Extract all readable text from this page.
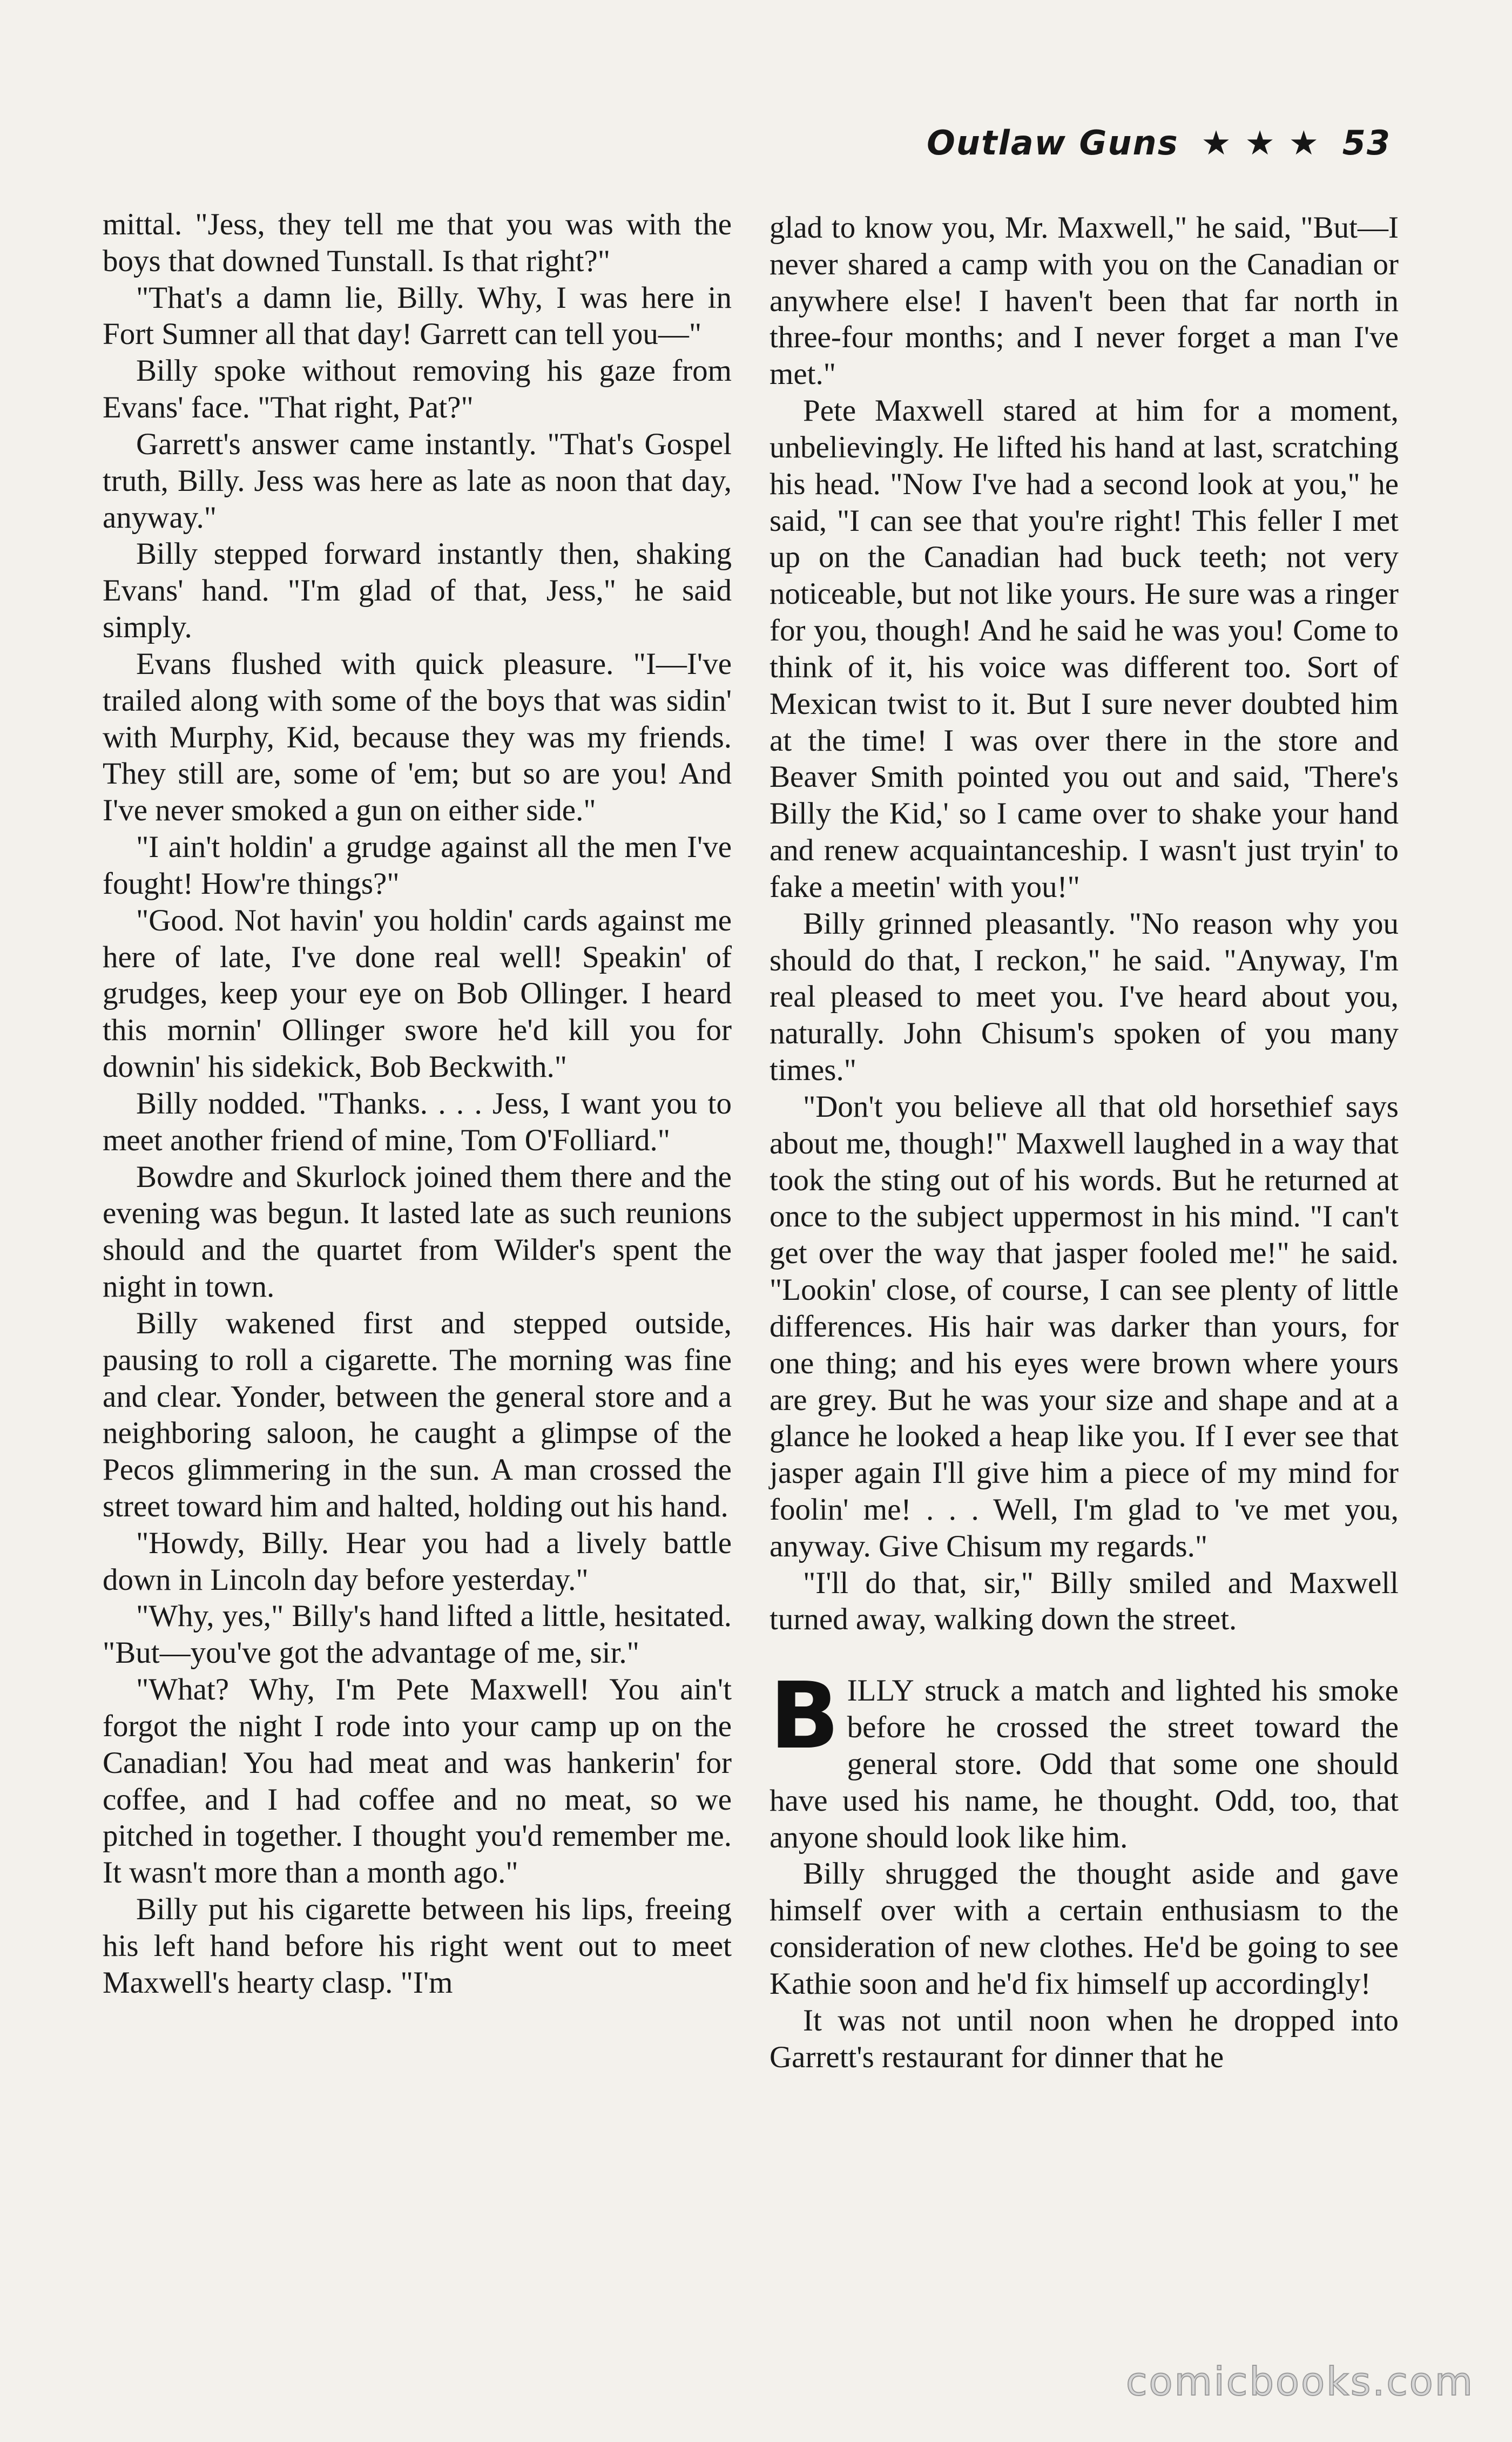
Outlaw Guns ★ ★ ★ 53

mittal. "Jess, they tell me that you was with the boys that downed Tunstall. Is that right?"

"That's a damn lie, Billy. Why, I was here in Fort Sumner all that day! Garrett can tell you—"

Billy spoke without removing his gaze from Evans' face. "That right, Pat?"

Garrett's answer came instantly. "That's Gospel truth, Billy. Jess was here as late as noon that day, anyway."

Billy stepped forward instantly then, shaking Evans' hand. "I'm glad of that, Jess," he said simply.

Evans flushed with quick pleasure. "I—I've trailed along with some of the boys that was sidin' with Murphy, Kid, because they was my friends. They still are, some of 'em; but so are you! And I've never smoked a gun on either side."

"I ain't holdin' a grudge against all the men I've fought! How're things?"

"Good. Not havin' you holdin' cards against me here of late, I've done real well! Speakin' of grudges, keep your eye on Bob Ollinger. I heard this mornin' Ollinger swore he'd kill you for downin' his sidekick, Bob Beckwith."

Billy nodded. "Thanks. . . . Jess, I want you to meet another friend of mine, Tom O'Folliard."

Bowdre and Skurlock joined them there and the evening was begun. It lasted late as such reunions should and the quartet from Wilder's spent the night in town.

Billy wakened first and stepped outside, pausing to roll a cigarette. The morning was fine and clear. Yonder, between the general store and a neighboring saloon, he caught a glimpse of the Pecos glimmering in the sun. A man crossed the street toward him and halted, holding out his hand.

"Howdy, Billy. Hear you had a lively battle down in Lincoln day before yesterday."

"Why, yes," Billy's hand lifted a little, hesitated. "But—you've got the advantage of me, sir."

"What? Why, I'm Pete Maxwell! You ain't forgot the night I rode into your camp up on the Canadian! You had meat and was hankerin' for coffee, and I had coffee and no meat, so we pitched in together. I thought you'd remember me. It wasn't more than a month ago."

Billy put his cigarette between his lips, freeing his left hand before his right went out to meet Maxwell's hearty clasp. "I'm

glad to know you, Mr. Maxwell," he said, "But—I never shared a camp with you on the Canadian or anywhere else! I haven't been that far north in three-four months; and I never forget a man I've met."

Pete Maxwell stared at him for a moment, unbelievingly. He lifted his hand at last, scratching his head. "Now I've had a second look at you," he said, "I can see that you're right! This feller I met up on the Canadian had buck teeth; not very noticeable, but not like yours. He sure was a ringer for you, though! And he said he was you! Come to think of it, his voice was different too. Sort of Mexican twist to it. But I sure never doubted him at the time! I was over there in the store and Beaver Smith pointed you out and said, 'There's Billy the Kid,' so I came over to shake your hand and renew acquaintanceship. I wasn't just tryin' to fake a meetin' with you!"

Billy grinned pleasantly. "No reason why you should do that, I reckon," he said. "Anyway, I'm real pleased to meet you. I've heard about you, naturally. John Chisum's spoken of you many times."

"Don't you believe all that old horsethief says about me, though!" Maxwell laughed in a way that took the sting out of his words. But he returned at once to the subject uppermost in his mind. "I can't get over the way that jasper fooled me!" he said. "Lookin' close, of course, I can see plenty of little differences. His hair was darker than yours, for one thing; and his eyes were brown where yours are grey. But he was your size and shape and at a glance he looked a heap like you. If I ever see that jasper again I'll give him a piece of my mind for foolin' me! . . . Well, I'm glad to 've met you, anyway. Give Chisum my regards."

"I'll do that, sir," Billy smiled and Maxwell turned away, walking down the street.

BILLY struck a match and lighted his smoke before he crossed the street toward the general store. Odd that some one should have used his name, he thought. Odd, too, that anyone should look like him.

Billy shrugged the thought aside and gave himself over with a certain enthusiasm to the consideration of new clothes. He'd be going to see Kathie soon and he'd fix himself up accordingly!

It was not until noon when he dropped into Garrett's restaurant for dinner that he

comicbooks.com
